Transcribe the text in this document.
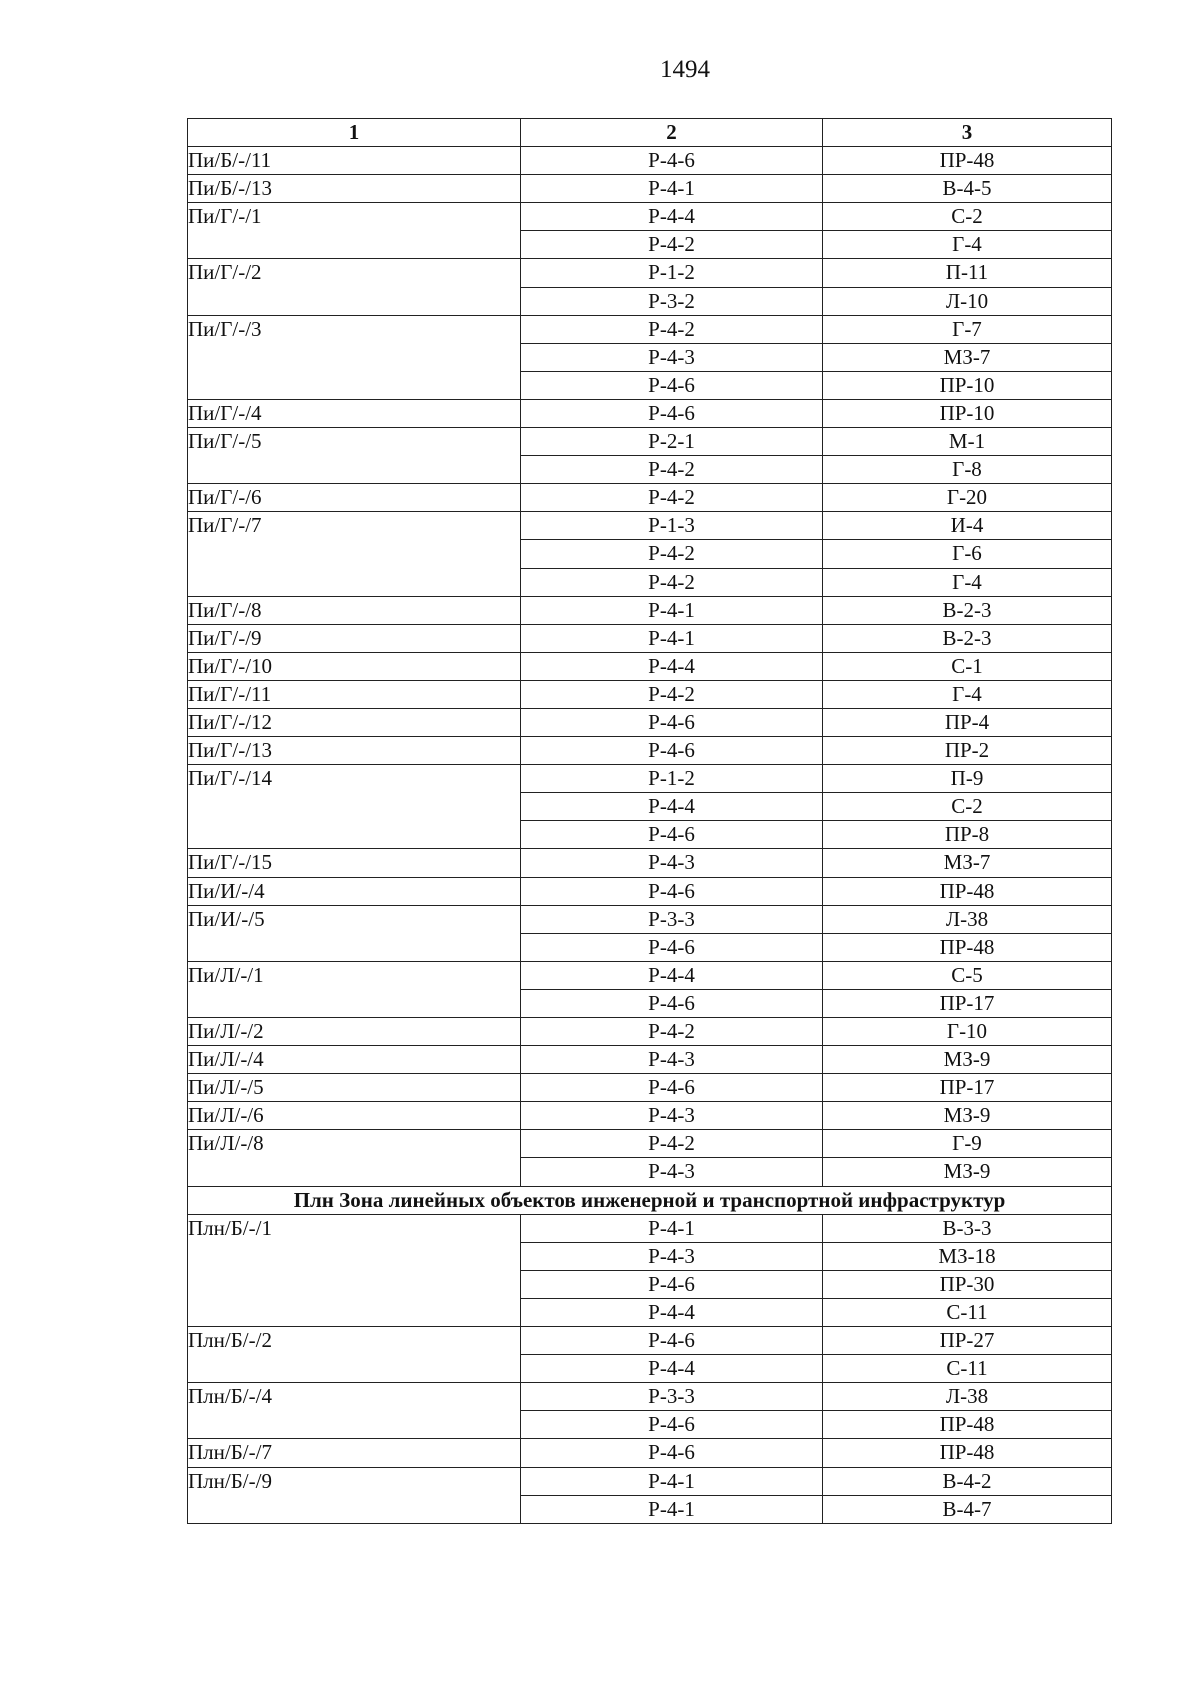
1494
1	2	3
Пи/Б/-/11	Р-4-6	ПР-48
Пи/Б/-/13	Р-4-1	В-4-5
Пи/Г/-/1	Р-4-4	С-2
	Р-4-2	Г-4
Пи/Г/-/2	Р-1-2	П-11
	Р-3-2	Л-10
Пи/Г/-/3	Р-4-2	Г-7
	Р-4-3	МЗ-7
	Р-4-6	ПР-10
Пи/Г/-/4	Р-4-6	ПР-10
Пи/Г/-/5	Р-2-1	М-1
	Р-4-2	Г-8
Пи/Г/-/6	Р-4-2	Г-20
Пи/Г/-/7	Р-1-3	И-4
	Р-4-2	Г-6
	Р-4-2	Г-4
Пи/Г/-/8	Р-4-1	В-2-3
Пи/Г/-/9	Р-4-1	В-2-3
Пи/Г/-/10	Р-4-4	С-1
Пи/Г/-/11	Р-4-2	Г-4
Пи/Г/-/12	Р-4-6	ПР-4
Пи/Г/-/13	Р-4-6	ПР-2
Пи/Г/-/14	Р-1-2	П-9
	Р-4-4	С-2
	Р-4-6	ПР-8
Пи/Г/-/15	Р-4-3	МЗ-7
Пи/И/-/4	Р-4-6	ПР-48
Пи/И/-/5	Р-3-3	Л-38
	Р-4-6	ПР-48
Пи/Л/-/1	Р-4-4	С-5
	Р-4-6	ПР-17
Пи/Л/-/2	Р-4-2	Г-10
Пи/Л/-/4	Р-4-3	МЗ-9
Пи/Л/-/5	Р-4-6	ПР-17
Пи/Л/-/6	Р-4-3	МЗ-9
Пи/Л/-/8	Р-4-2	Г-9
	Р-4-3	МЗ-9
Плн Зона линейных объектов инженерной и транспортной инфраструктур		
Плн/Б/-/1	Р-4-1	В-3-3
	Р-4-3	МЗ-18
	Р-4-6	ПР-30
	Р-4-4	С-11
Плн/Б/-/2	Р-4-6	ПР-27
	Р-4-4	С-11
Плн/Б/-/4	Р-3-3	Л-38
	Р-4-6	ПР-48
Плн/Б/-/7	Р-4-6	ПР-48
Плн/Б/-/9	Р-4-1	В-4-2
	Р-4-1	В-4-7
